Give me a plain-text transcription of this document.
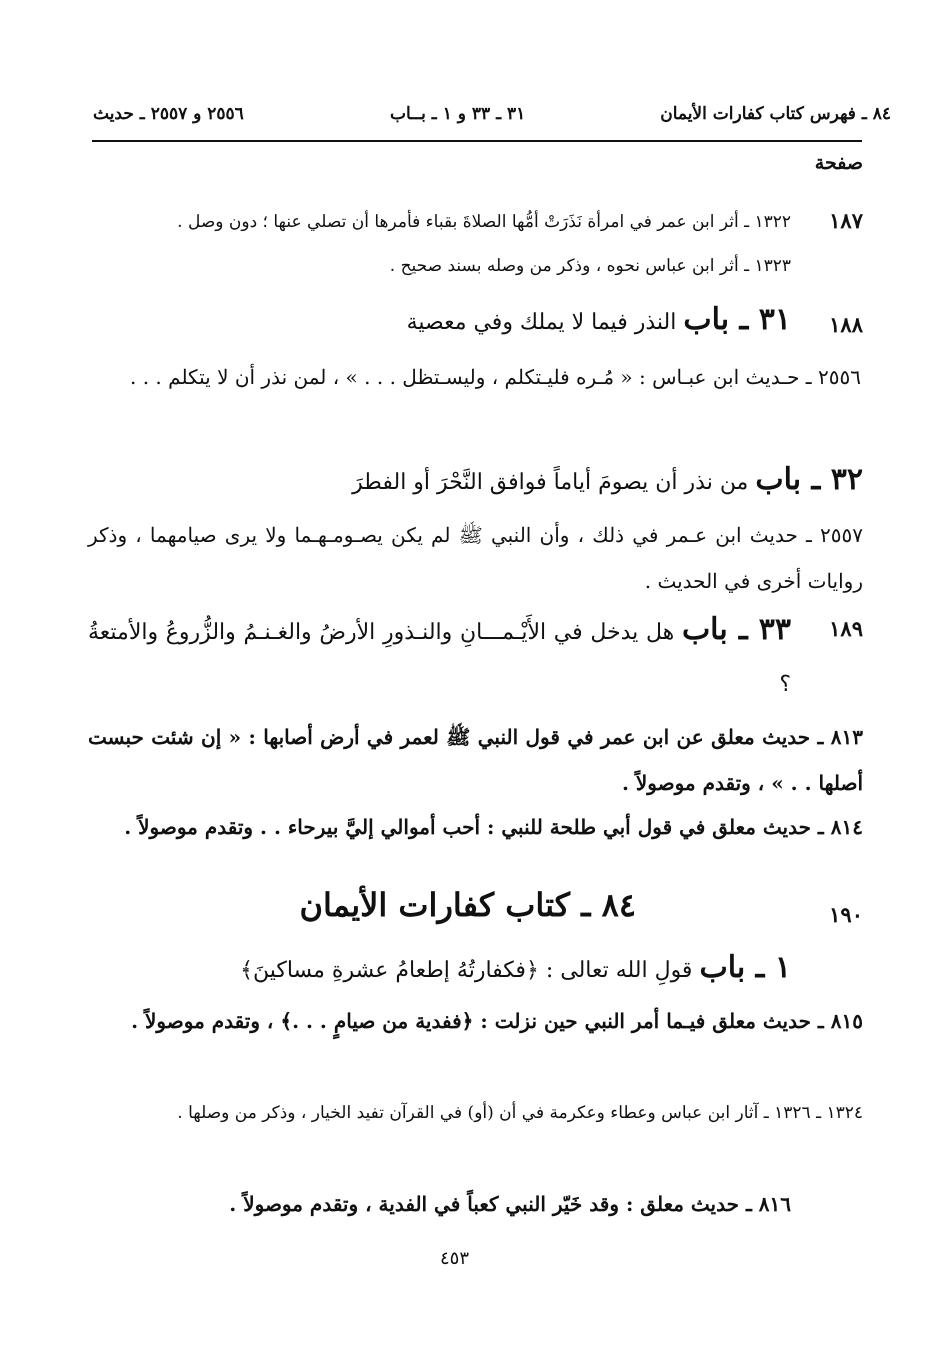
٨٤ ـ فهرس كتاب كفارات الأيمان
٣١ ـ ٣٣ و ١ ـ بــاب
٢٥٥٦ و ٢٥٥٧ ـ حديث
صفحة
١٨٧
١٣٢٢ ـ أثر ابن عمر في امرأة نَذَرَتْ أمُّها الصلاةَ بقباء فأمرها أن تصلي عنها ؛ دون وصل .
١٣٢٣ ـ أثر ابن عباس نحوه ، وذكر من وصله بسند صحيح .
١٨٨
٣١ ـ باب النذر فيما لا يملك وفي معصية
٢٥٥٦ ـ حـديث ابن عبـاس : « مُـره فليـتكلم ، وليسـتظل . . . » ، لمن نذر أن لا يتكلم . . .
٣٢ ـ باب من نذر أن يصومَ أياماً فوافق النَّحْرَ أو الفطرَ
٢٥٥٧ ـ حديث ابن عـمر في ذلك ، وأن النبي ﷺ لم يكن يصـومـهـما ولا يرى صيامهما ، وذكر روايات أخرى في الحديث .
١٨٩
٣٣ ـ باب هل يدخل في الأَيْـمـــانِ والنـذورِ الأرضُ والغـنـمُ والزُّروعُ والأمتعةُ ؟
٨١٣ ـ حديث معلق عن ابن عمر في قول النبي ﷺ لعمر في أرض أصابها : « إن شئت حبست أصلها . . » ، وتقدم موصولاً .
٨١٤ ـ حديث معلق في قول أبي طلحة للنبي : أحب أموالي إليَّ بيرحاء . . وتقدم موصولاً .
١٩٠
٨٤ ـ كتاب كفارات الأيمان
١ ـ باب قولِ الله تعالى : ﴿فكفارتُهُ إطعامُ عشرةِ مساكينَ﴾
٨١٥ ـ حديث معلق فيـما أمر النبي حين نزلت : ﴿ففدية من صيامٍ . . .﴾ ، وتقدم موصولاً .
١٣٢٤ ـ ١٣٢٦ ـ آثار ابن عباس وعطاء وعكرمة في أن (أو) في القرآن تفيد الخيار ، وذكر من وصلها .
٨١٦ ـ حديث معلق : وقد خَيّر النبي كعباً في الفدية ، وتقدم موصولاً .
٤٥٣
